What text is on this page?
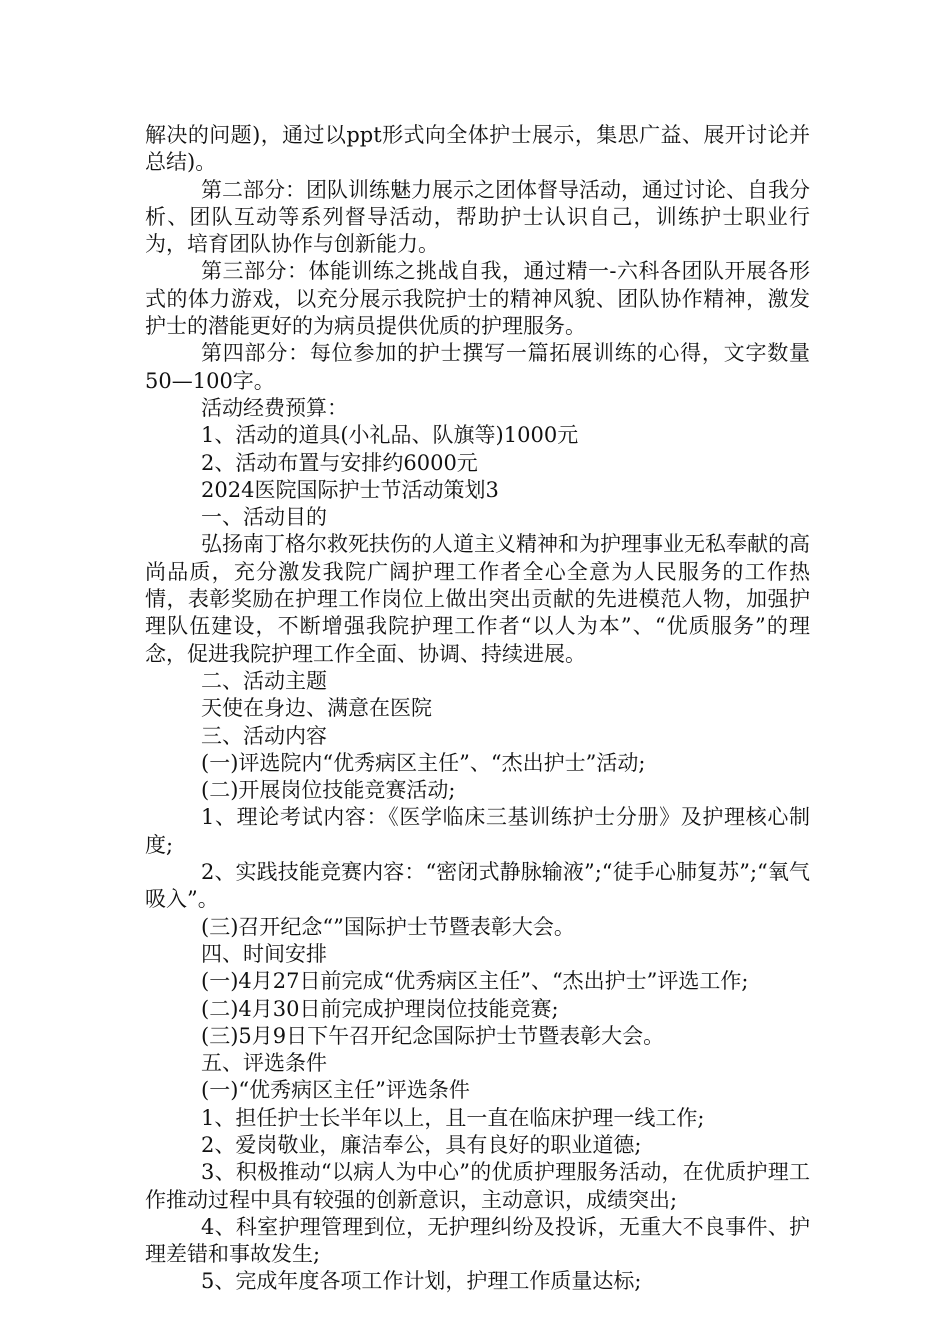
解决的问题)，通过以ppt形式向全体护士展示，集思广益、展开讨论并总结)。

第二部分：团队训练魅力展示之团体督导活动，通过讨论、自我分析、团队互动等系列督导活动，帮助护士认识自己，训练护士职业行为，培育团队协作与创新能力。

第三部分：体能训练之挑战自我，通过精一-六科各团队开展各形式的体力游戏，以充分展示我院护士的精神风貌、团队协作精神，激发护士的潜能更好的为病员提供优质的护理服务。

第四部分：每位参加的护士撰写一篇拓展训练的心得，文字数量50—100字。

活动经费预算：

1、活动的道具(小礼品、队旗等)1000元

2、活动布置与安排约6000元

2024医院国际护士节活动策划3

一、活动目的

弘扬南丁格尔救死扶伤的人道主义精神和为护理事业无私奉献的高尚品质，充分激发我院广阔护理工作者全心全意为人民服务的工作热情，表彰奖励在护理工作岗位上做出突出贡献的先进模范人物，加强护理队伍建设，不断增强我院护理工作者“以人为本”、“优质服务”的理念，促进我院护理工作全面、协调、持续进展。

二、活动主题

天使在身边、满意在医院

三、活动内容

(一)评选院内“优秀病区主任”、“杰出护士”活动;

(二)开展岗位技能竞赛活动;

1、理论考试内容：《医学临床三基训练护士分册》及护理核心制度;

2、实践技能竞赛内容：“密闭式静脉输液”;“徒手心肺复苏”;“氧气吸入”。

(三)召开纪念“”国际护士节暨表彰大会。

四、时间安排

(一)4月27日前完成“优秀病区主任”、“杰出护士”评选工作;

(二)4月30日前完成护理岗位技能竞赛;

(三)5月9日下午召开纪念国际护士节暨表彰大会。

五、评选条件

(一)“优秀病区主任”评选条件

1、担任护士长半年以上，且一直在临床护理一线工作;

2、爱岗敬业，廉洁奉公，具有良好的职业道德;

3、积极推动“以病人为中心”的优质护理服务活动，在优质护理工作推动过程中具有较强的创新意识，主动意识，成绩突出;

4、科室护理管理到位，无护理纠纷及投诉，无重大不良事件、护理差错和事故发生;

5、完成年度各项工作计划，护理工作质量达标;
